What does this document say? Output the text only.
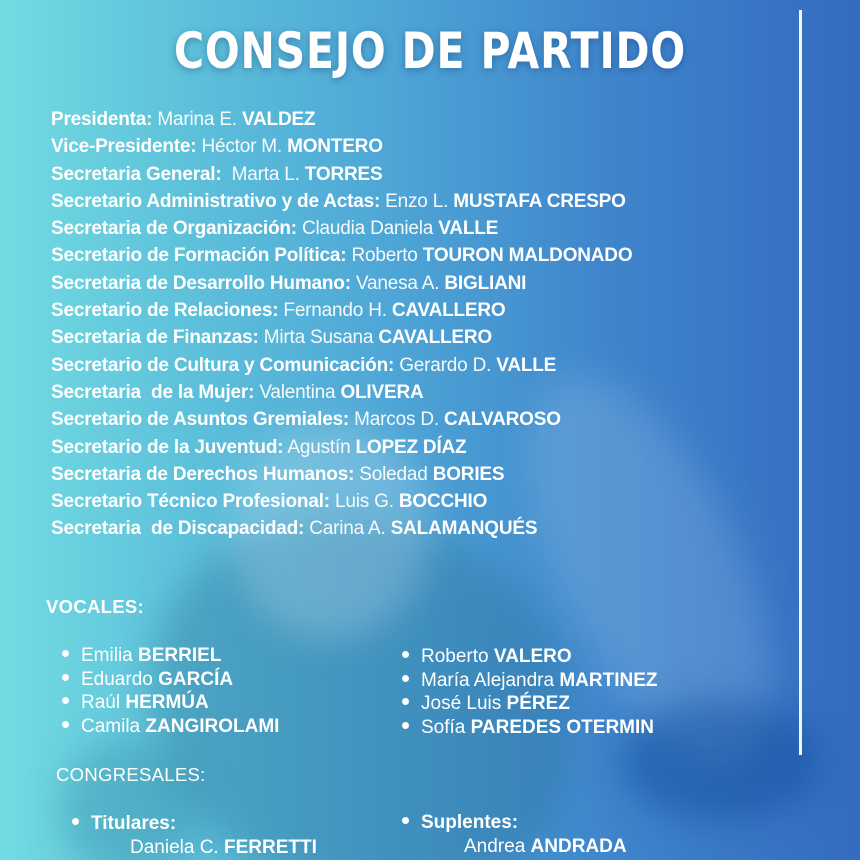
CONSEJO DE PARTIDO
Presidenta: Marina E. VALDEZ
Vice-Presidente: Héctor M. MONTERO
Secretaria General:  Marta L. TORRES
Secretario Administrativo y de Actas: Enzo L. MUSTAFA CRESPO
Secretaria de Organización: Claudia Daniela VALLE
Secretario de Formación Política: Roberto TOURON MALDONADO
Secretaria de Desarrollo Humano: Vanesa A. BIGLIANI
Secretario de Relaciones: Fernando H. CAVALLERO
Secretaria de Finanzas: Mirta Susana CAVALLERO
Secretario de Cultura y Comunicación: Gerardo D. VALLE
Secretaria  de la Mujer: Valentina OLIVERA
Secretario de Asuntos Gremiales: Marcos D. CALVAROSO
Secretario de la Juventud: Agustín LOPEZ DÍAZ
Secretaria de Derechos Humanos: Soledad BORIES
Secretario Técnico Profesional: Luis G. BOCCHIO
Secretaria  de Discapacidad: Carina A. SALAMANQUÉS
VOCALES:
Emilia BERRIEL
Eduardo GARCÍA
Raúl HERMÚA
Camila ZANGIROLAMI
Roberto VALERO
María Alejandra MARTINEZ
José Luis PÉREZ
Sofía PAREDES OTERMIN
CONGRESALES:
Titulares:
Daniela C. FERRETTI
Suplentes:
Andrea ANDRADA
